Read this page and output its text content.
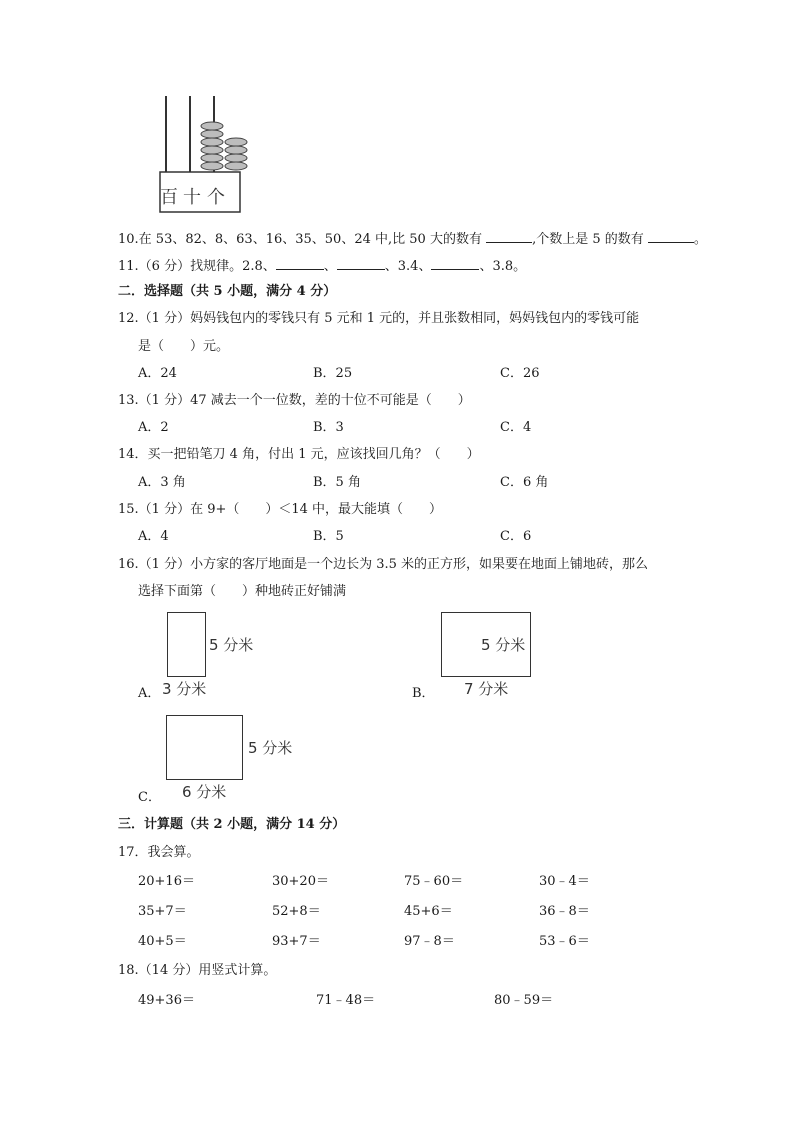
百 十 个
10.在 53、82、8、63、16、35、50、24 中,比 50 大的数有	,个数上是 5 的数有	。
11.（6 分）找规律。2.8、	、	、3.4、	、3.8。
二．选择题（共 5 小题，满分 4 分）
12.（1 分）妈妈钱包内的零钱只有 5 元和 1 元的，并且张数相同，妈妈钱包内的零钱可能
是（　　）元。
A．24	B．25	C．26
13.（1 分）47 减去一个一位数，差的十位不可能是（　　）
A．2	B．3	C．4
14．买一把铅笔刀 4 角，付出 1 元，应该找回几角？（　　）
A．3 角	B．5 角	C．6 角
15.（1 分）在 9+（　　）＜14 中，最大能填（　　）
A．4	B．5	C．6
16.（1 分）小方家的客厅地面是一个边长为 3.5 米的正方形，如果要在地面上铺地砖，那么
选择下面第（　　）种地砖正好铺满
5 分米
3 分米
A．
5 分米
7 分米
B．
5 分米
6 分米
C．
三．计算题（共 2 小题，满分 14 分）
17．我会算。
20+16＝	30+20＝	75﹣60＝	30﹣4＝
35+7＝	52+8＝	45+6＝	36﹣8＝
40+5＝	93+7＝	97﹣8＝	53﹣6＝
18.（14 分）用竖式计算。
49+36＝	71﹣48＝	80﹣59＝
